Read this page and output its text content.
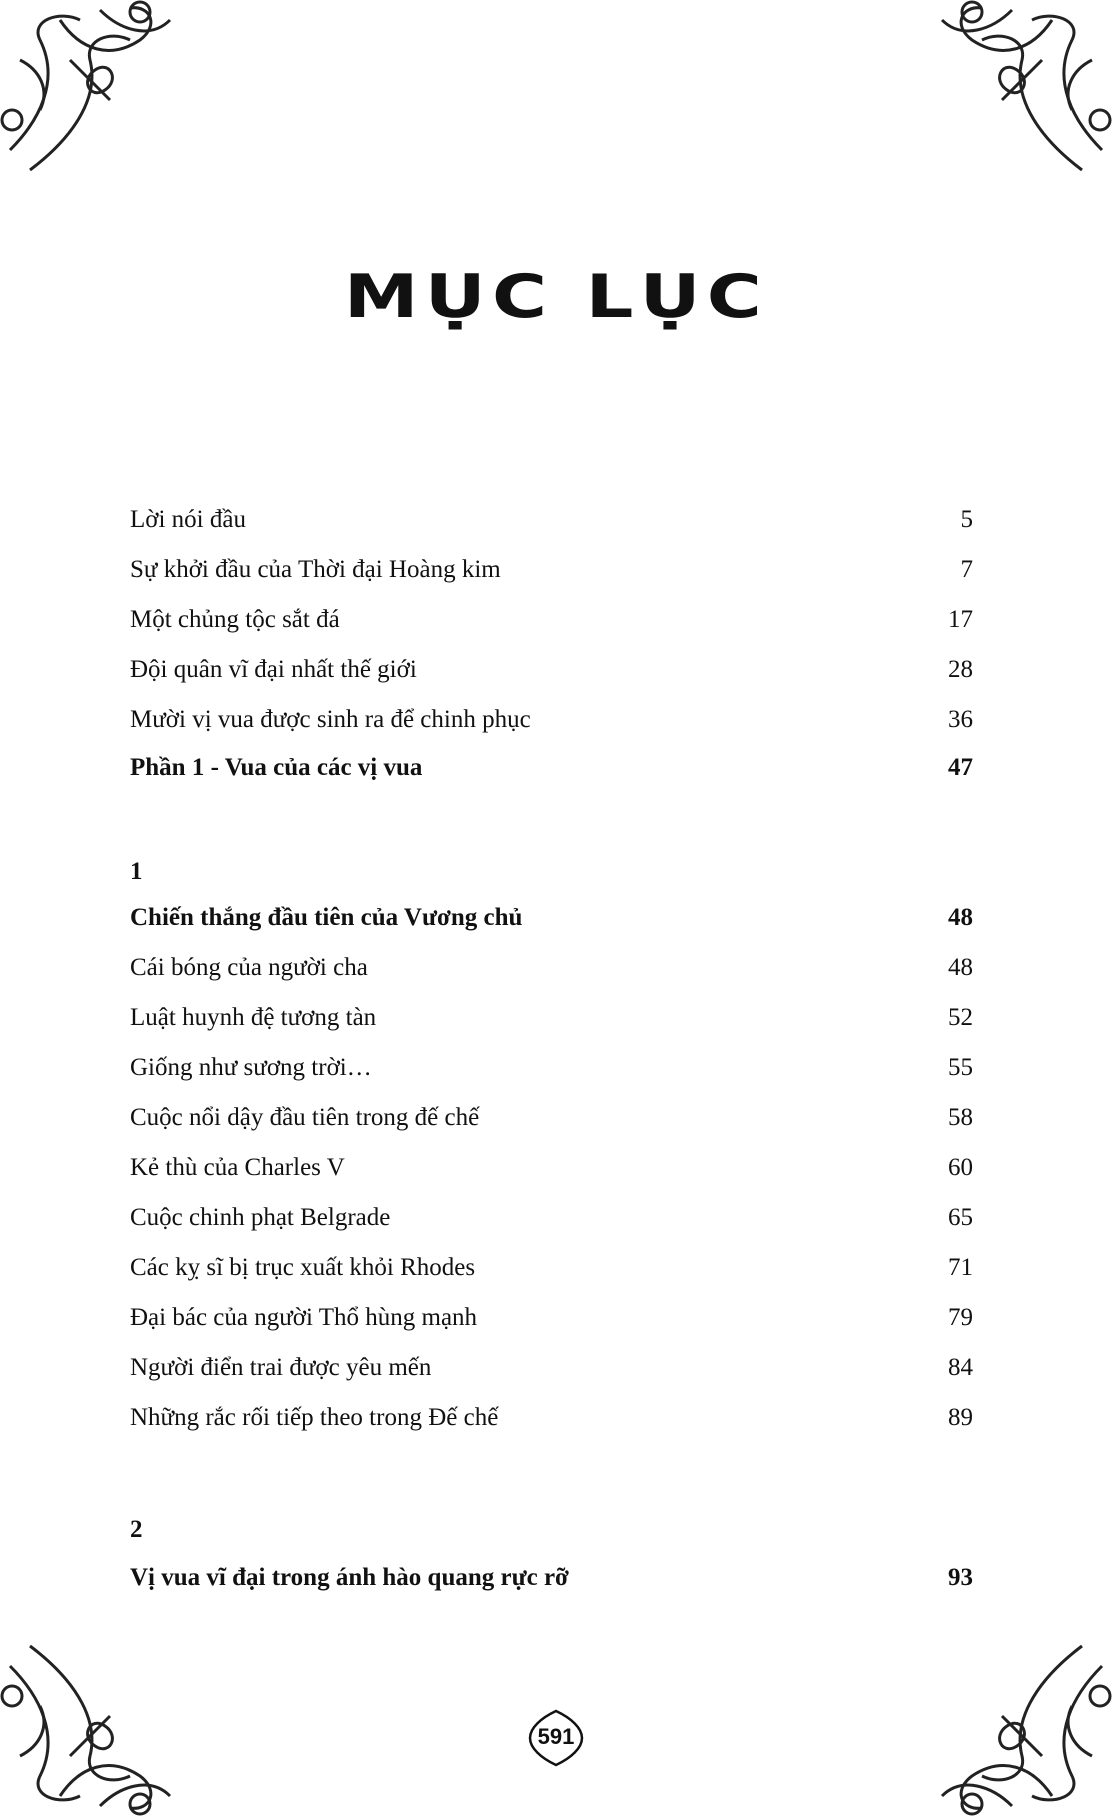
MỤC LỤC
Lời nói đầu	5
Sự khởi đầu của Thời đại Hoàng kim	7
Một chủng tộc sắt đá	17
Đội quân vĩ đại nhất thế giới	28
Mười vị vua được sinh ra để chinh phục	36
Phần 1 - Vua của các vị vua	47
1
Chiến thắng đầu tiên của Vương chủ	48
Cái bóng của người cha	48
Luật huynh đệ tương tàn	52
Giống như sương trời…	55
Cuộc nổi dậy đầu tiên trong đế chế	58
Kẻ thù của Charles V	60
Cuộc chinh phạt Belgrade	65
Các kỵ sĩ bị trục xuất khỏi Rhodes	71
Đại bác của người Thổ hùng mạnh	79
Người điển trai được yêu mến	84
Những rắc rối tiếp theo trong Đế chế	89
2
Vị vua vĩ đại trong ánh hào quang rực rỡ	93
591
